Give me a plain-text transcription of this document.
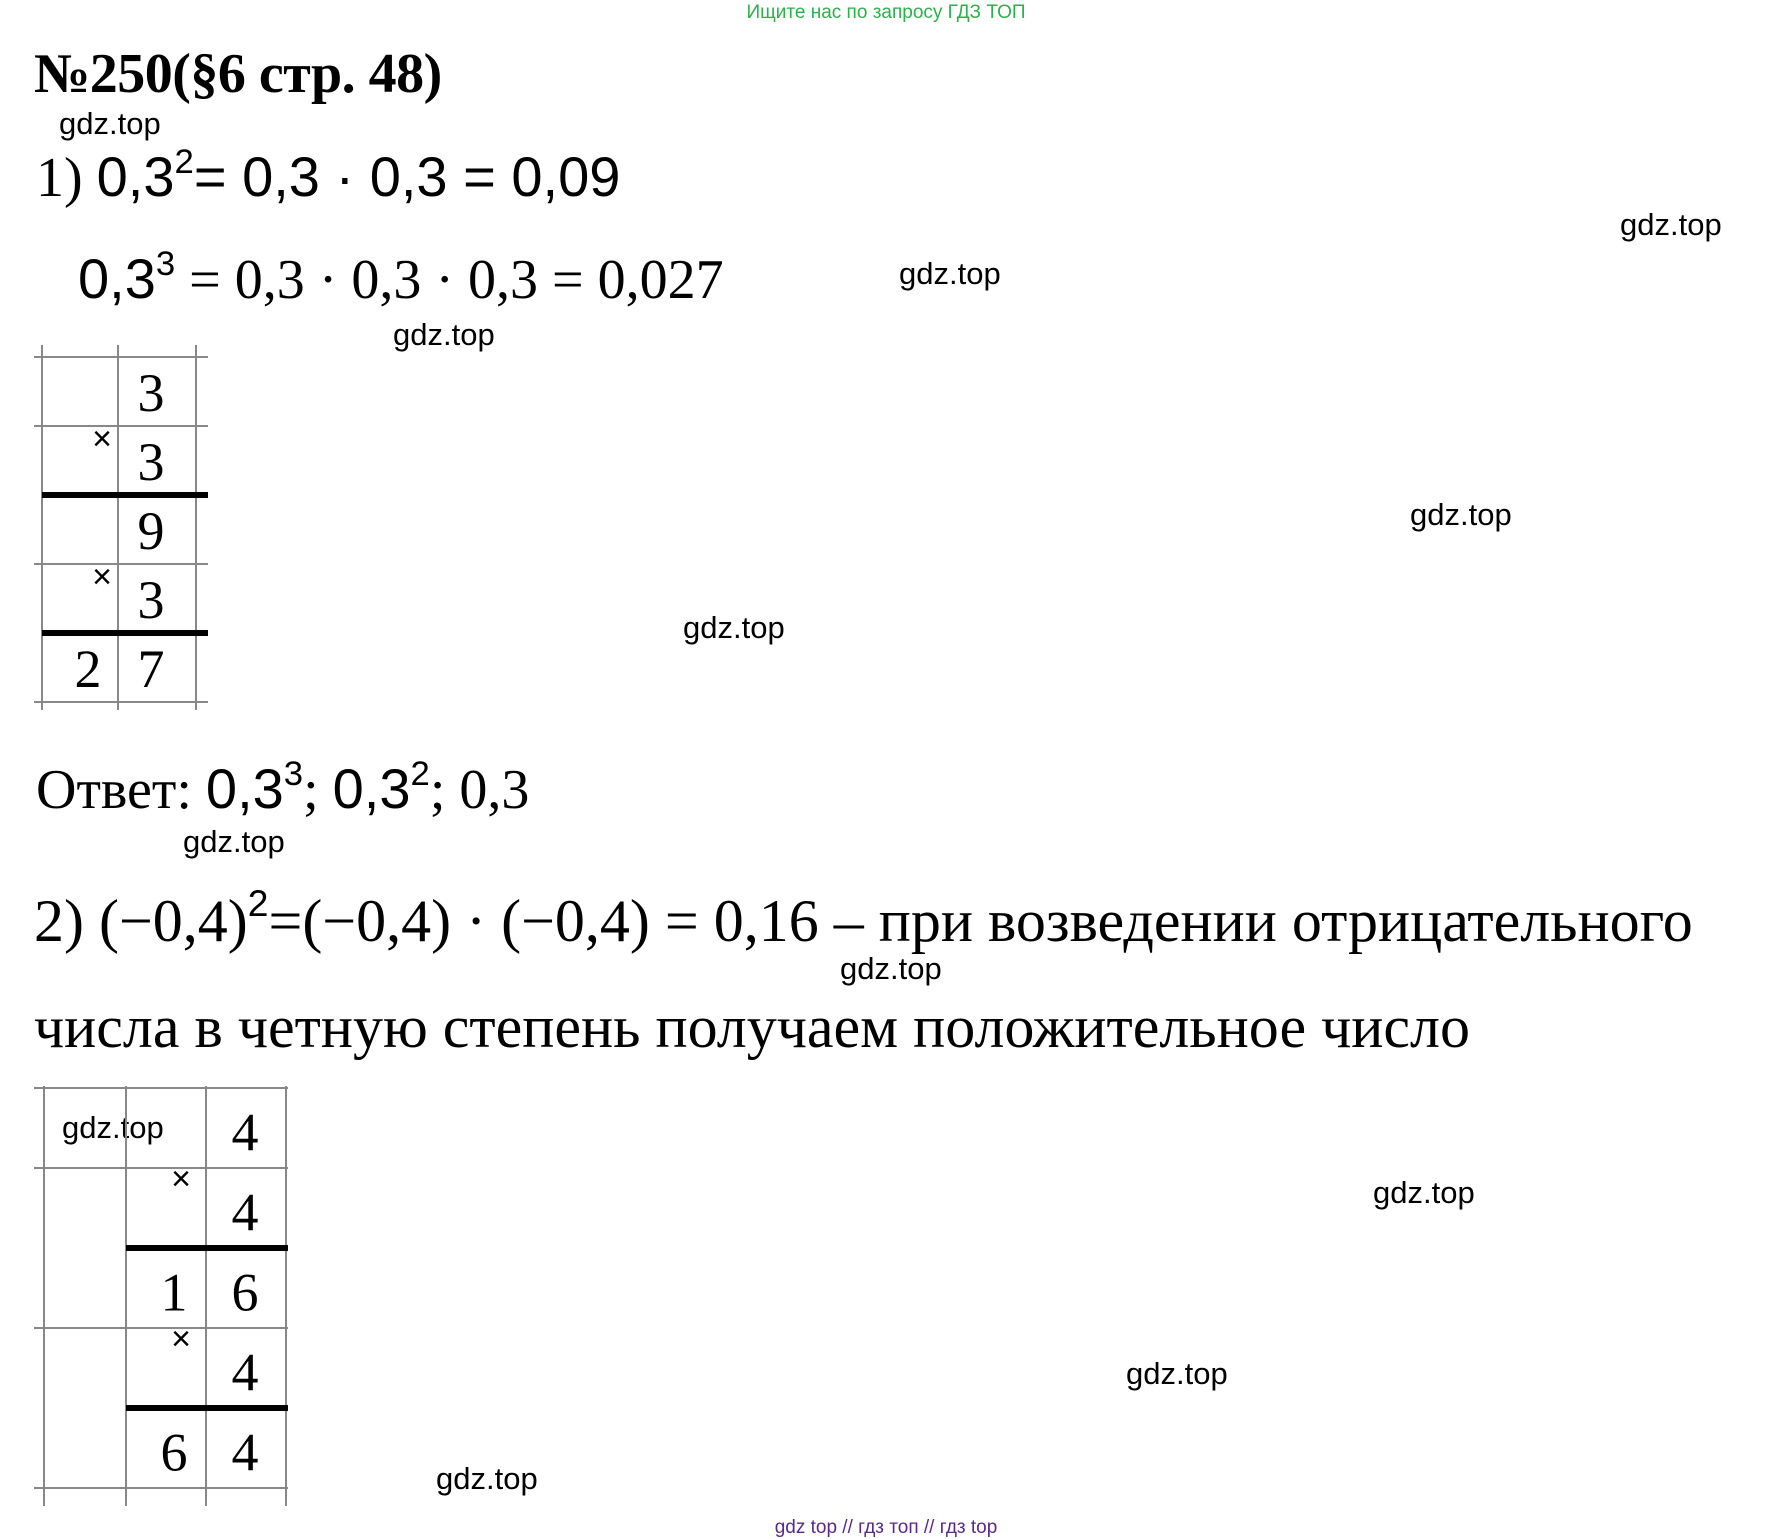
Ищите нас по запросу ГДЗ ТОП
№250(§6 стр. 48)
gdz.top
gdz.top
gdz.top
gdz.top
gdz.top
gdz.top
gdz.top
gdz.top
gdz.top
gdz.top
gdz.top
gdz.top
1) $0,3^2= 0,3 \cdot 0,3 = 0,09$
$0,3^3 = 0,3 \cdot 0,3 \cdot 0,3 = 0,027$
3
3
×
9
3
×
2 7
Ответ: $0,3^3$; $0,3^2$; 0,3
2) $(-0,4)^2=(-0,4) \cdot (-0,4) = 0,16$ – при возведении отрицательного
числа в четную степень получаем положительное число
4
4
×
1 6
4
×
6 4
gdz top // гдз топ // гдз top
